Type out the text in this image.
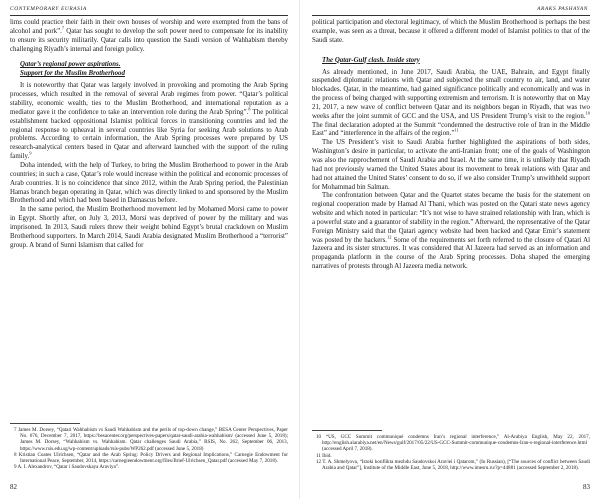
CONTEMPORARY EURASIA

lims could practice their faith in their own houses of worship and were exempted from the bans of alcohol and pork”.$^7$ Qatar has sought to develop the soft power need to compensate for its inability to ensure its security militarily. Qatar calls into question the Saudi version of Wahhabism thereby challenging Riyadh’s internal and foreign policy.

Qatar’s regional power aspirations.
Support for the Muslim Brotherhood

It is noteworthy that Qatar was largely involved in provoking and promoting the Arab Spring processes, which resulted in the removal of several Arab regimes from power. “Qatar’s political stability, economic wealth, ties to the Muslim Brotherhood, and international reputation as a mediator gave it the confidence to take an intervention role during the Arab Spring”.$^8$ The political establishment backed oppositional Islamist political forces in transitioning countries and led the regional response to upheaval in several countries like Syria for seeking Arab solutions to Arab problems. According to certain information, the Arab Spring processes were prepared by US research-analytical centers based in Qatar and afterward launched with the support of the ruling family.$^9$

Doha intended, with the help of Turkey, to bring the Muslim Brotherhood to power in the Arab countries; in such a case, Qatar’s role would increase within the political and economic processes of Arab countries. It is no coincidence that since 2012, within the Arab Spring period, the Palestinian Hamas branch began operating in Qatar, which was directly linked to and sponsored by the Muslim Brotherhood and which had been based in Damascus before.

In the same period, the Muslim Brotherhood movement led by Mohamed Morsi came to power in Egypt. Shortly after, on July 3, 2013, Morsi was deprived of power by the military and was imprisoned. In 2013, Saudi rulers threw their weight behind Egypt’s brutal crackdown on Muslim Brotherhood supporters. In March 2014, Saudi Arabia designated Muslim Brotherhood a “terrorist” group. A brand of Sunni Islamism that called for

7 James M. Dorsey, “Qatari Wahhabism vs Saudi Wahhabism and the perils of top-down change,” BESA Center Perspectives, Paper No. 676, December 7, 2017, https://besacenter.org/perspectives-papers/qatar-saudi-arabia-wahhabism/ (accessed June 5, 2018); James M. Dorsey, “Wahhabism vs. Wahhabism. Qatar challenges Saudi Arabia,” RSIS, No. 262, September 06, 2013, https://www.rsis.edu.sg/wp-content/uploads/rsis-pubs/WP262.pdf (accessed June 5, 2018)

8 Kristian Coates Ulrichsen, “Qatar and the Arab Spring: Policy Drivers and Regional Implications,” Carnegie Endowment for International Peace, September, 2014, https://carnegieendowment.org/files/Brief-Ulrichsen_Qatar.pdf (accessed May 7, 2018).

9 A. I. Alexandrov, “Qatar i Saudovskaya Araviya”.

82
ARAKS PASHAYAN

political participation and electoral legitimacy, of which the Muslim Brotherhood is perhaps the best example, was seen as a threat, because it offered a different model of Islamist politics to that of the Saudi state.

The Qatar-Gulf clash. Inside story

As already mentioned, in June 2017, Saudi Arabia, the UAE, Bahrain, and Egypt finally suspended diplomatic relations with Qatar and subjected the small country to air, land, and water blockades. Qatar, in the meantime, had gained significance politically and economically and was in the process of being charged with supporting extremism and terrorism. It is noteworthy that on May 21, 2017, a new wave of conflict between Qatar and its neighbors began in Riyadh, that was two weeks after the joint summit of GCC and the USA, and US President Trump’s visit to the region.$^{10}$ The final declaration adopted at the Summit “condemned the destructive role of Iran in the Middle East” and “interference in the affairs of the region.”$^{11}$

The US President’s visit to Saudi Arabia further highlighted the aspirations of both sides, Washington’s desire in particular, to activate the anti-Iranian front; one of the goals of Washington was also the rapprochement of Saudi Arabia and Israel. At the same time, it is unlikely that Riyadh had not previously warned the United States about its movement to break relations with Qatar and had not attained the United States’ consent to do so, if we also consider Trump’s unwithheld support for Mohammad bin Salman.

The confrontation between Qatar and the Quartet states became the basis for the statement on regional cooperation made by Hamad Al Thani, which was posted on the Qatari state news agency website and which noted in particular: “It’s not wise to have strained relationship with Iran, which is a powerful state and a guarantor of stability in the region.” Afterward, the representative of the Qatar Foreign Ministry said that the Qatari agency website had been hacked and Qatar Emir’s statement was posted by the hackers.$^{12}$ Some of the requirements set forth referred to the closure of Qatari Al Jazeera and its sister structures. It was considered that Al Jazeera had served as an information and propaganda platform in the course of the Arab Spring processes. Doha shaped the emerging narratives of protests through Al Jazeera media network.

10 “US, GCC Summit communiqué condemns Iran’s regional interference,” Al-Arabiya English, May 22, 2017, http://english.alarabiya.net/en/News/gulf/2017/05/22/US-GCC-Summit-communique-condemns-Iran-s-regional-interference.html (accessed April 7, 2018).

11 Ibid.

12 T. A. Shmelyova, “Istoki konflikta mezhdu Saudovskoi Araviei i Qatarom,” (In Russian), [“The sources of conflict between Saudi Arabia and Qatar”], Institute of the Middle East, June 5, 2018, http://www.imesru.ru/?p=44881 (accessed September 2, 2018).

83
